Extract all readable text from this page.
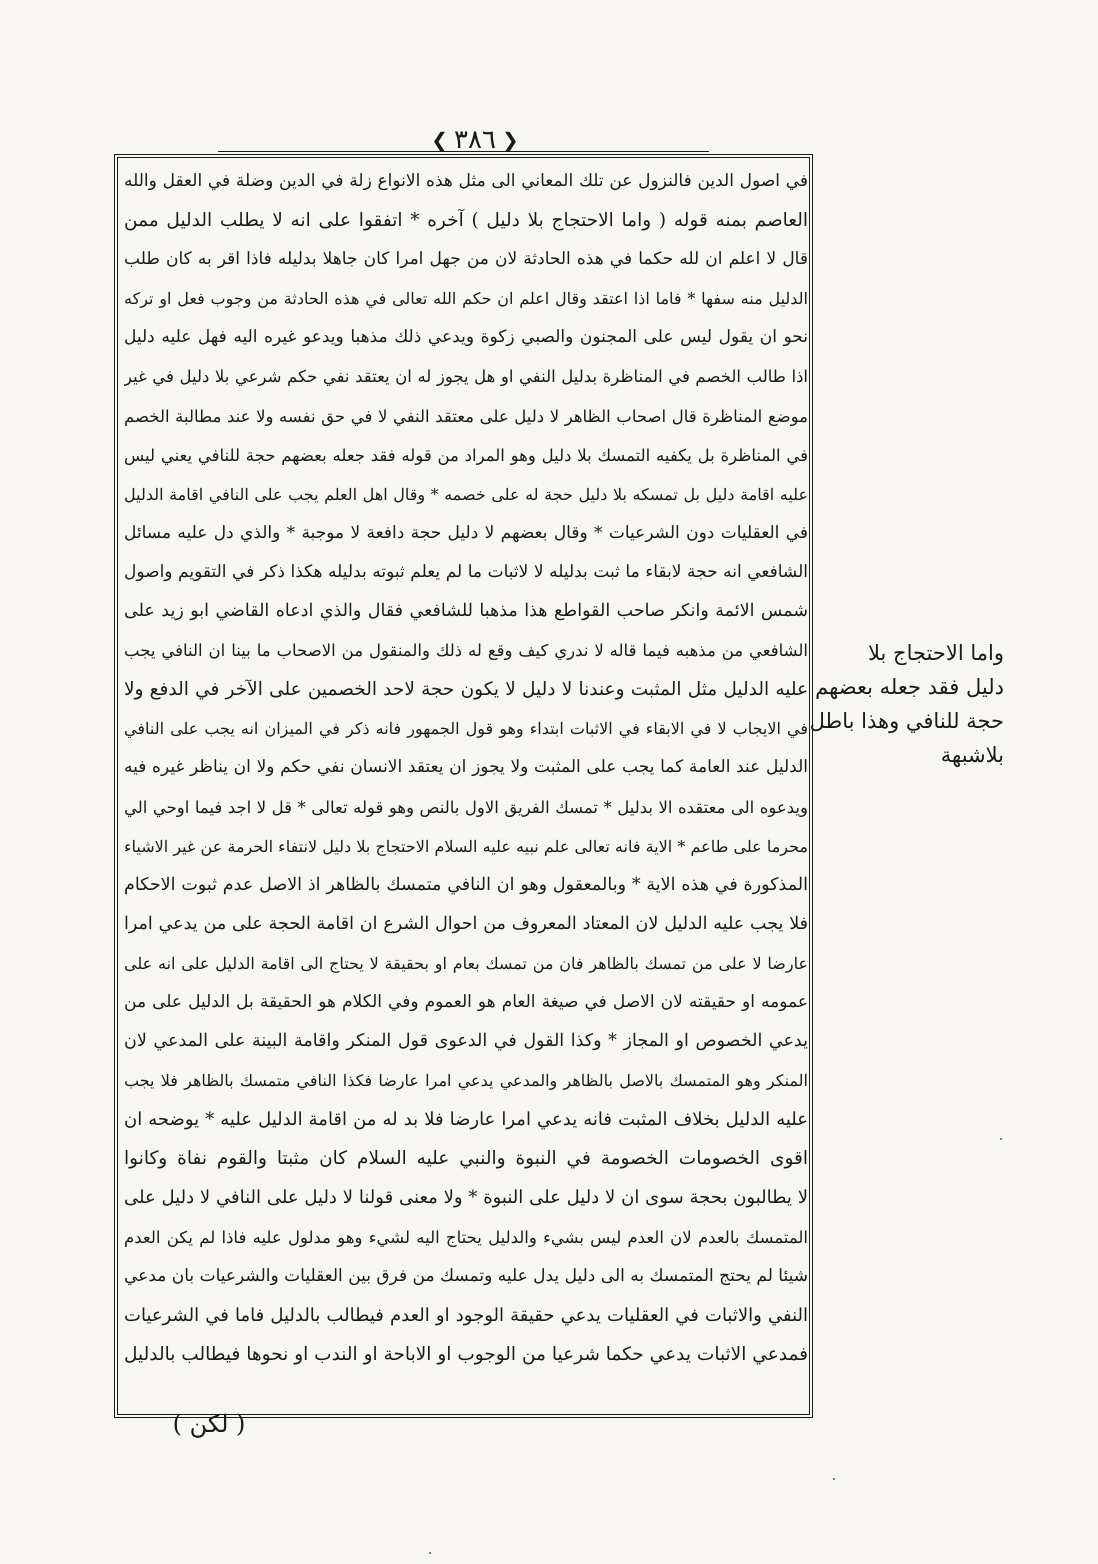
❮ ٣٨٦ ❯
في اصول الدين فالنزول عن تلك المعاني الى مثل هذه الانواع زلة في الدين وضلة في العقل والله
العاصم بمنه قوله ( واما الاحتجاج بلا دليل ) آخره * اتفقوا على انه لا يطلب الدليل ممن
قال لا اعلم ان لله حكما في هذه الحادثة لان من جهل امرا كان جاهلا بدليله فاذا اقر به كان طلب
الدليل منه سفها * فاما اذا اعتقد وقال اعلم ان حكم الله تعالى في هذه الحادثة من وجوب فعل او تركه
نحو ان يقول ليس على المجنون والصبي زكوة ويدعي ذلك مذهبا ويدعو غيره اليه فهل عليه دليل
اذا طالب الخصم في المناظرة بدليل النفي او هل يجوز له ان يعتقد نفي حكم شرعي بلا دليل في غير
موضع المناظرة قال اصحاب الظاهر لا دليل على معتقد النفي لا في حق نفسه ولا عند مطالبة الخصم
في المناظرة بل يكفيه التمسك بلا دليل وهو المراد من قوله فقد جعله بعضهم حجة للنافي يعني ليس
عليه اقامة دليل بل تمسكه بلا دليل حجة له على خصمه * وقال اهل العلم يجب على النافي اقامة الدليل
في العقليات دون الشرعيات * وقال بعضهم لا دليل حجة دافعة لا موجبة * والذي دل عليه مسائل
الشافعي انه حجة لابقاء ما ثبت بدليله لا لاثبات ما لم يعلم ثبوته بدليله هكذا ذكر في التقويم واصول
شمس الائمة وانكر صاحب القواطع هذا مذهبا للشافعي فقال والذي ادعاه القاضي ابو زيد على
الشافعي من مذهبه فيما قاله لا ندري كيف وقع له ذلك والمنقول من الاصحاب ما بينا ان النافي يجب
عليه الدليل مثل المثبت وعندنا لا دليل لا يكون حجة لاحد الخصمين على الآخر في الدفع ولا
في الايجاب لا في الابقاء في الاثبات ابتداء وهو قول الجمهور فانه ذكر في الميزان انه يجب على النافي
الدليل عند العامة كما يجب على المثبت ولا يجوز ان يعتقد الانسان نفي حكم ولا ان يناظر غيره فيه
ويدعوه الى معتقده الا بدليل * تمسك الفريق الاول بالنص وهو قوله تعالى * قل لا اجد فيما اوحي الي
محرما على طاعم * الاية فانه تعالى علم نبيه عليه السلام الاحتجاج بلا دليل لانتفاء الحرمة عن غير الاشياء
المذكورة في هذه الاية * وبالمعقول وهو ان النافي متمسك بالظاهر اذ الاصل عدم ثبوت الاحكام
فلا يجب عليه الدليل لان المعتاد المعروف من احوال الشرع ان اقامة الحجة على من يدعي امرا
عارضا لا على من تمسك بالظاهر فان من تمسك بعام او بحقيقة لا يحتاج الى اقامة الدليل على انه على
عمومه او حقيقته لان الاصل في صيغة العام هو العموم وفي الكلام هو الحقيقة بل الدليل على من
يدعي الخصوص او المجاز * وكذا القول في الدعوى قول المنكر واقامة البينة على المدعي لان
المنكر وهو المتمسك بالاصل بالظاهر والمدعي يدعي امرا عارضا فكذا النافي متمسك بالظاهر فلا يجب
عليه الدليل بخلاف المثبت فانه يدعي امرا عارضا فلا بد له من اقامة الدليل عليه * يوضحه ان
اقوى الخصومات الخصومة في النبوة والنبي عليه السلام كان مثبتا والقوم نفاة وكانوا
لا يطالبون بحجة سوى ان لا دليل على النبوة * ولا معنى قولنا لا دليل على النافي لا دليل على
المتمسك بالعدم لان العدم ليس بشيء والدليل يحتاج اليه لشيء وهو مدلول عليه فاذا لم يكن العدم
شيئا لم يحتج المتمسك به الى دليل يدل عليه وتمسك من فرق بين العقليات والشرعيات بان مدعي
النفي والاثبات في العقليات يدعي حقيقة الوجود او العدم فيطالب بالدليل فاما في الشرعيات
فمدعي الاثبات يدعي حكما شرعيا من الوجوب او الاباحة او الندب او نحوها فيطالب بالدليل
واما الاحتجاج بلا
دليل فقد جعله بعضهم
حجة للنافي وهذا باطل
بلاشبهة
( لكن )
